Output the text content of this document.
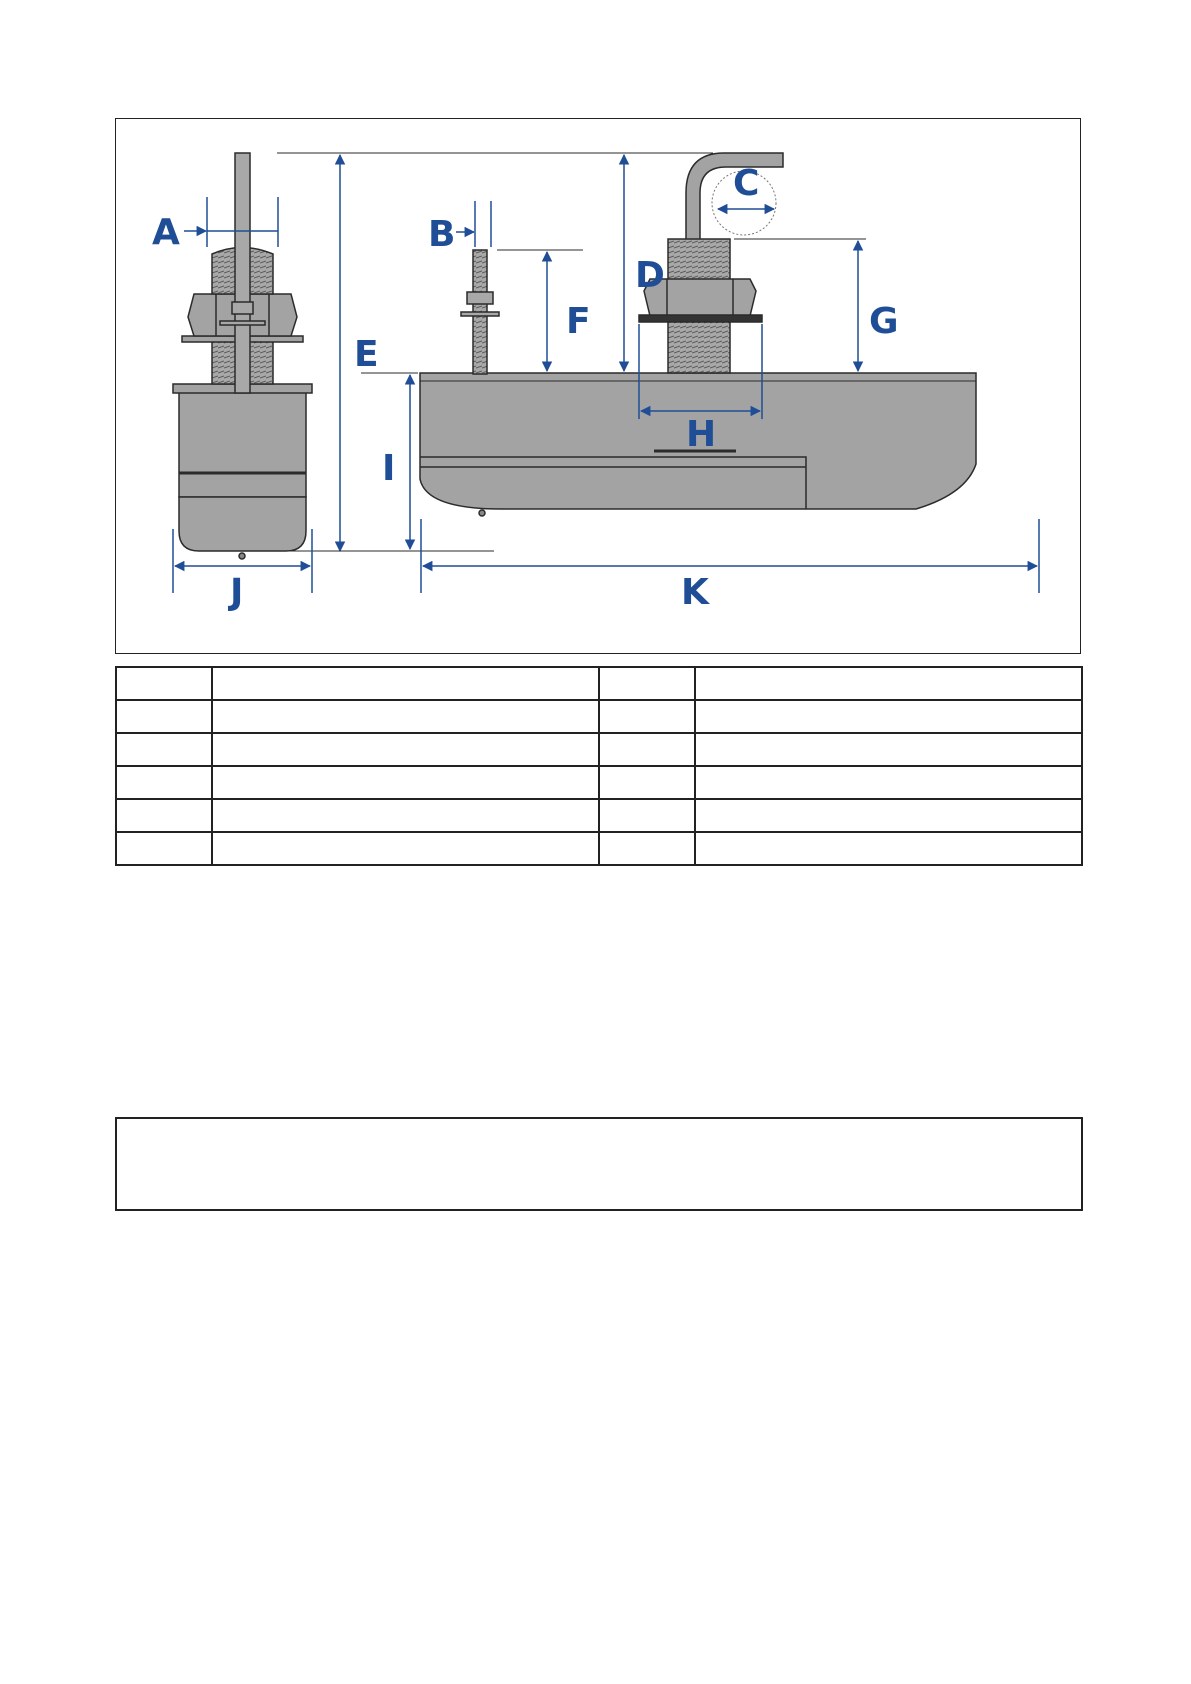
A	B
C
D
E
F	G
H
I
J	K
